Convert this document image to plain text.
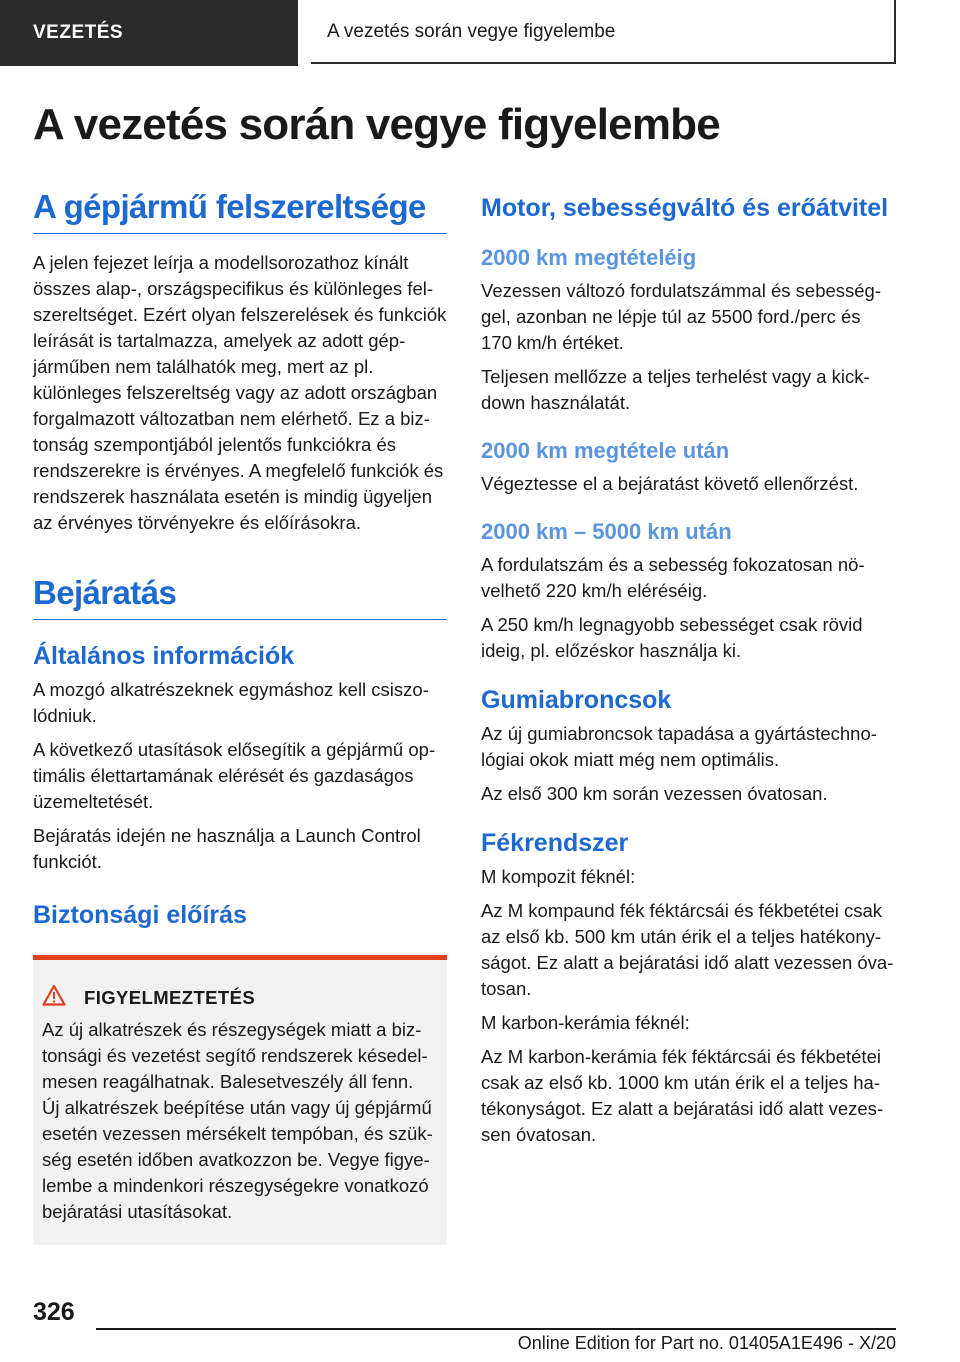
VEZETÉS	A vezetés során vegye figyelembe
A vezetés során vegye figyelembe
A gépjármű felszereltsége

A jelen fejezet leírja a modellsorozathoz kínált összes alap-, országspecifikus és különleges felszereltséget. Ezért olyan felszerelések és funkciók leírását is tartalmazza, amelyek az adott gépjárműben nem találhatók meg, mert az pl. különleges felszereltség vagy az adott országban forgalmazott változatban nem elérhető. Ez a biztonság szempontjából jelentős funkciókra és rendszerekre is érvényes. A megfelelő funkciók és rendszerek használata esetén is mindig ügyeljen az érvényes törvényekre és előírásokra.

Bejáratás
Általános információk

A mozgó alkatrészeknek egymáshoz kell csiszolódniuk.

A következő utasítások elősegítik a gépjármű optimális élettartamának elérését és gazdaságos üzemeltetését.

Bejáratás idején ne használja a Launch Control funkciót.

Biztonsági előírás
FIGYELMEZTETÉS

Az új alkatrészek és részegységek miatt a biztonsági és vezetést segítő rendszerek késedelmesen reagálhatnak. Balesetveszély áll fenn. Új alkatrészek beépítése után vagy új gépjármű esetén vezessen mérsékelt tempóban, és szükség esetén időben avatkozzon be. Vegye figyelembe a mindenkori részegységekre vonatkozó bejáratási utasításokat.

Motor, sebességváltó és erőátvitel
2000 km megtételéig

Vezessen változó fordulatszámmal és sebességgel, azonban ne lépje túl az 5500 ford./perc és 170 km/h értéket.

Teljesen mellőzze a teljes terhelést vagy a kickdown használatát.

2000 km megtétele után

Végeztesse el a bejáratást követő ellenőrzést.

2000 km – 5000 km után

A fordulatszám és a sebesség fokozatosan növelhető 220 km/h eléréséig.

A 250 km/h legnagyobb sebességet csak rövid ideig, pl. előzéskor használja ki.

Gumiabroncsok

Az új gumiabroncsok tapadása a gyártástechnológiai okok miatt még nem optimális.

Az első 300 km során vezessen óvatosan.

Fékrendszer

M kompozit féknél:

Az M kompaund fék féktárcsái és fékbetétei csak az első kb. 500 km után érik el a teljes hatékonyságot. Ez alatt a bejáratási idő alatt vezessen óvatosan.

M karbon-kerámia féknél:

Az M karbon-kerámia fék féktárcsái és fékbetétei csak az első kb. 1000 km után érik el a teljes hatékonyságot. Ez alatt a bejáratási idő alatt vezessen óvatosan.

326
Online Edition for Part no. 01405A1E496 - X/20
